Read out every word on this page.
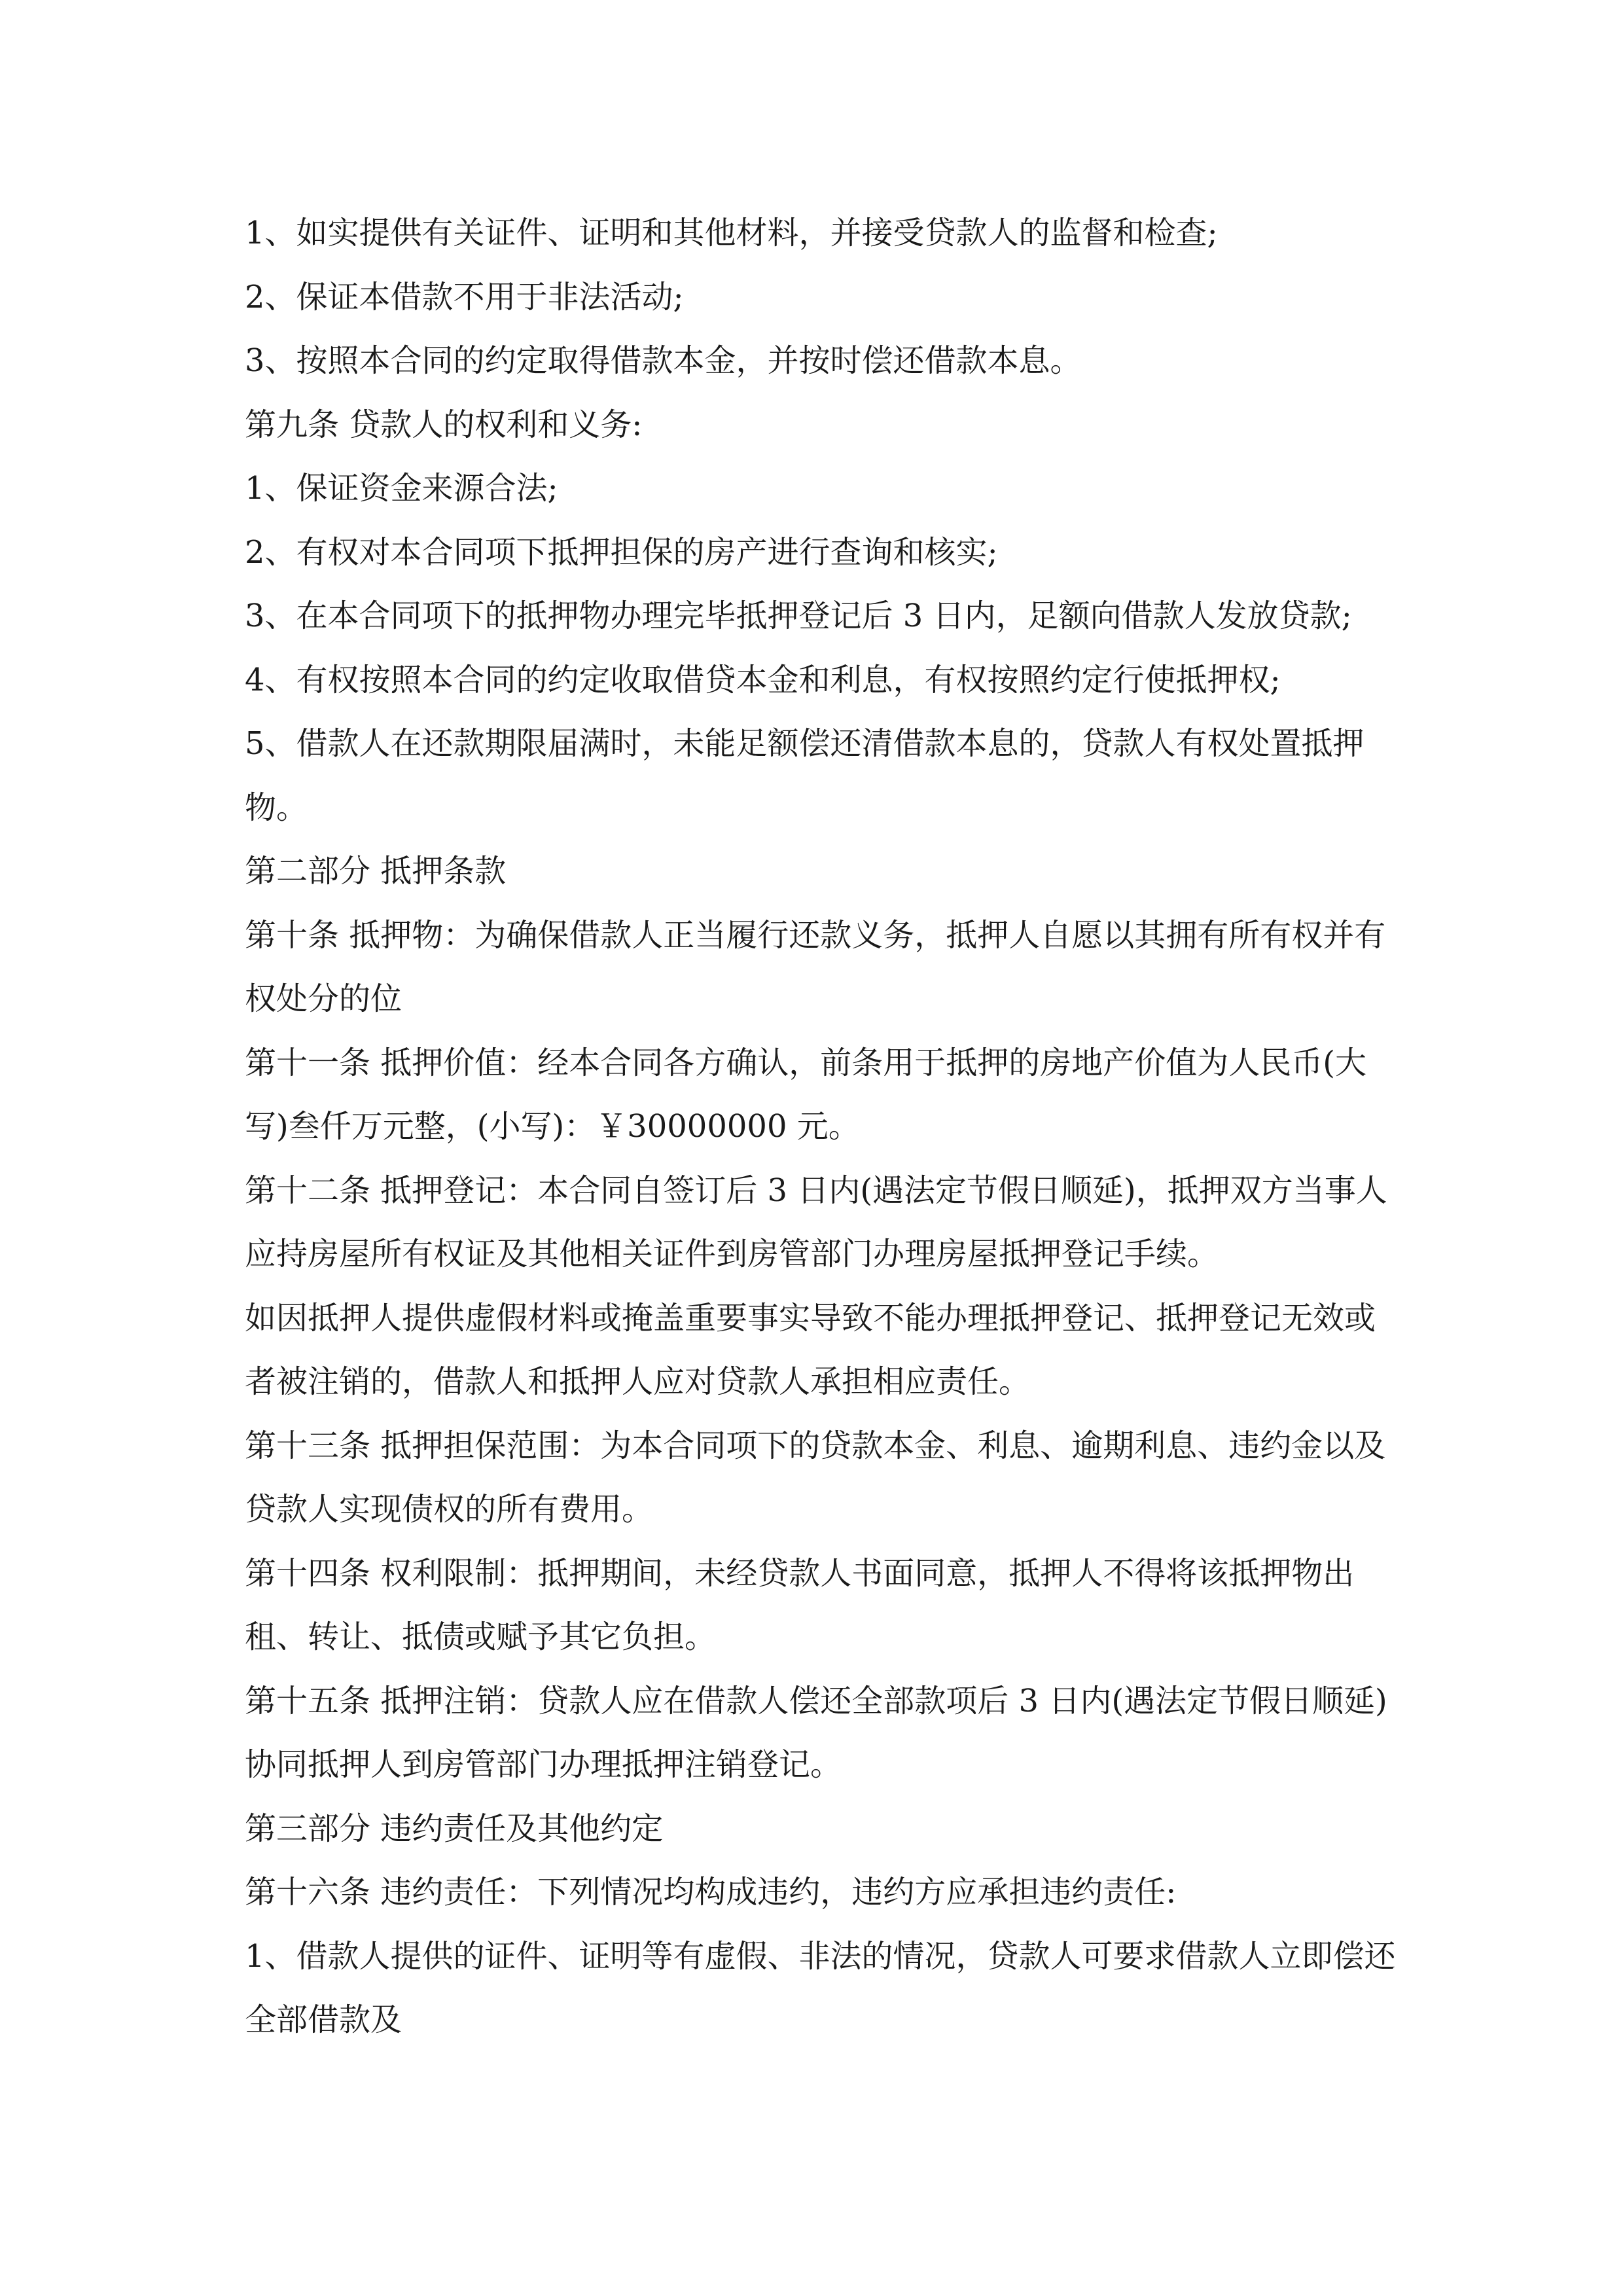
1、如实提供有关证件、证明和其他材料，并接受贷款人的监督和检查;

2、保证本借款不用于非法活动;

3、按照本合同的约定取得借款本金，并按时偿还借款本息。

第九条 贷款人的权利和义务:

1、保证资金来源合法;

2、有权对本合同项下抵押担保的房产进行查询和核实;

3、在本合同项下的抵押物办理完毕抵押登记后 3 日内，足额向借款人发放贷款;

4、有权按照本合同的约定收取借贷本金和利息，有权按照约定行使抵押权;

5、借款人在还款期限届满时，未能足额偿还清借款本息的，贷款人有权处置抵押物。

第二部分 抵押条款

第十条 抵押物：为确保借款人正当履行还款义务，抵押人自愿以其拥有所有权并有权处分的位

第十一条 抵押价值：经本合同各方确认，前条用于抵押的房地产价值为人民币(大写)叁仟万元整，(小写)：￥30000000 元。

第十二条 抵押登记：本合同自签订后 3 日内(遇法定节假日顺延)，抵押双方当事人应持房屋所有权证及其他相关证件到房管部门办理房屋抵押登记手续。

如因抵押人提供虚假材料或掩盖重要事实导致不能办理抵押登记、抵押登记无效或者被注销的，借款人和抵押人应对贷款人承担相应责任。

第十三条 抵押担保范围：为本合同项下的贷款本金、利息、逾期利息、违约金以及贷款人实现债权的所有费用。

第十四条 权利限制：抵押期间，未经贷款人书面同意，抵押人不得将该抵押物出租、转让、抵债或赋予其它负担。

第十五条 抵押注销：贷款人应在借款人偿还全部款项后 3 日内(遇法定节假日顺延)协同抵押人到房管部门办理抵押注销登记。

第三部分 违约责任及其他约定

第十六条 违约责任：下列情况均构成违约，违约方应承担违约责任:

1、借款人提供的证件、证明等有虚假、非法的情况，贷款人可要求借款人立即偿还全部借款及
